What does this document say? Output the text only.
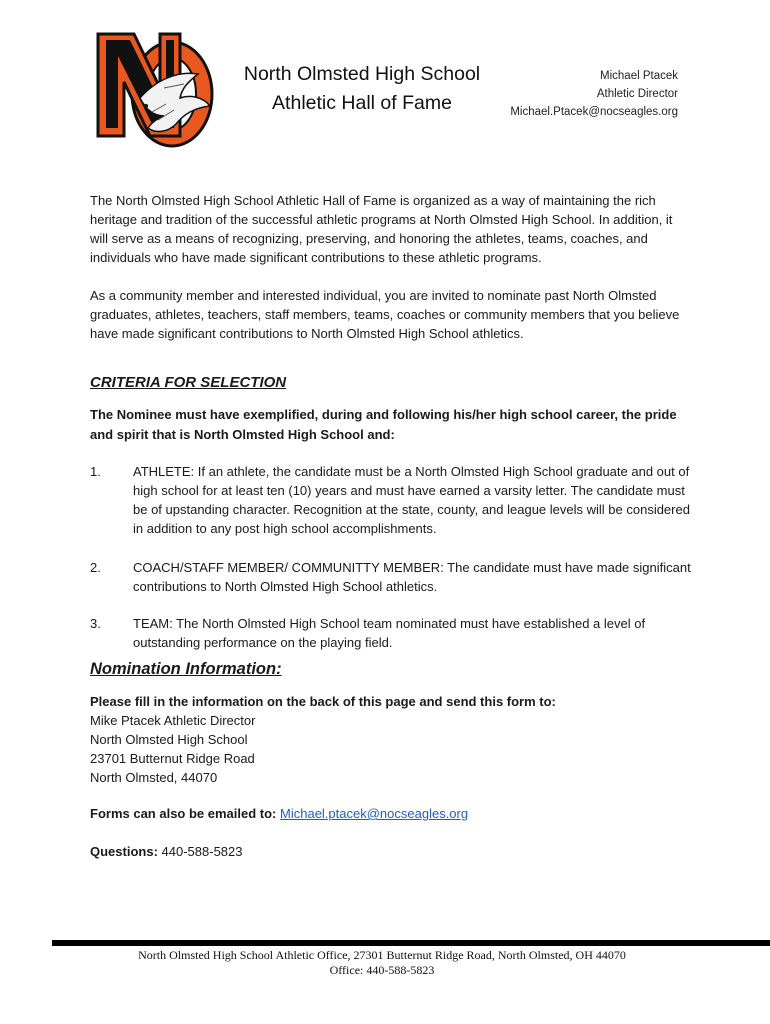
North Olmsted High School
Athletic Hall of Fame
Michael Ptacek
Athletic Director
Michael.Ptacek@nocseagles.org
The North Olmsted High School Athletic Hall of Fame is organized as a way of maintaining the rich heritage and tradition of the successful athletic programs at North Olmsted High School. In addition, it will serve as a means of recognizing, preserving, and honoring the athletes, teams, coaches, and individuals who have made significant contributions to these athletic programs.
As a community member and interested individual, you are invited to nominate past North Olmsted graduates, athletes, teachers, staff members, teams, coaches or community members that you believe have made significant contributions to North Olmsted High School athletics.
CRITERIA FOR SELECTION
The Nominee must have exemplified, during and following his/her high school career, the pride and spirit that is North Olmsted High School and:
1. ATHLETE: If an athlete, the candidate must be a North Olmsted High School graduate and out of high school for at least ten (10) years and must have earned a varsity letter. The candidate must be of upstanding character. Recognition at the state, county, and league levels will be considered in addition to any post high school accomplishments.
2. COACH/STAFF MEMBER/ COMMUNITTY MEMBER: The candidate must have made significant contributions to North Olmsted High School athletics.
3. TEAM: The North Olmsted High School team nominated must have established a level of outstanding performance on the playing field.
Nomination Information:
Please fill in the information on the back of this page and send this form to:
Mike Ptacek Athletic Director
North Olmsted High School
23701 Butternut Ridge Road
North Olmsted, 44070
Forms can also be emailed to: Michael.ptacek@nocseagles.org
Questions: 440-588-5823
North Olmsted High School Athletic Office, 27301 Butternut Ridge Road, North Olmsted, OH 44070
Office: 440-588-5823
